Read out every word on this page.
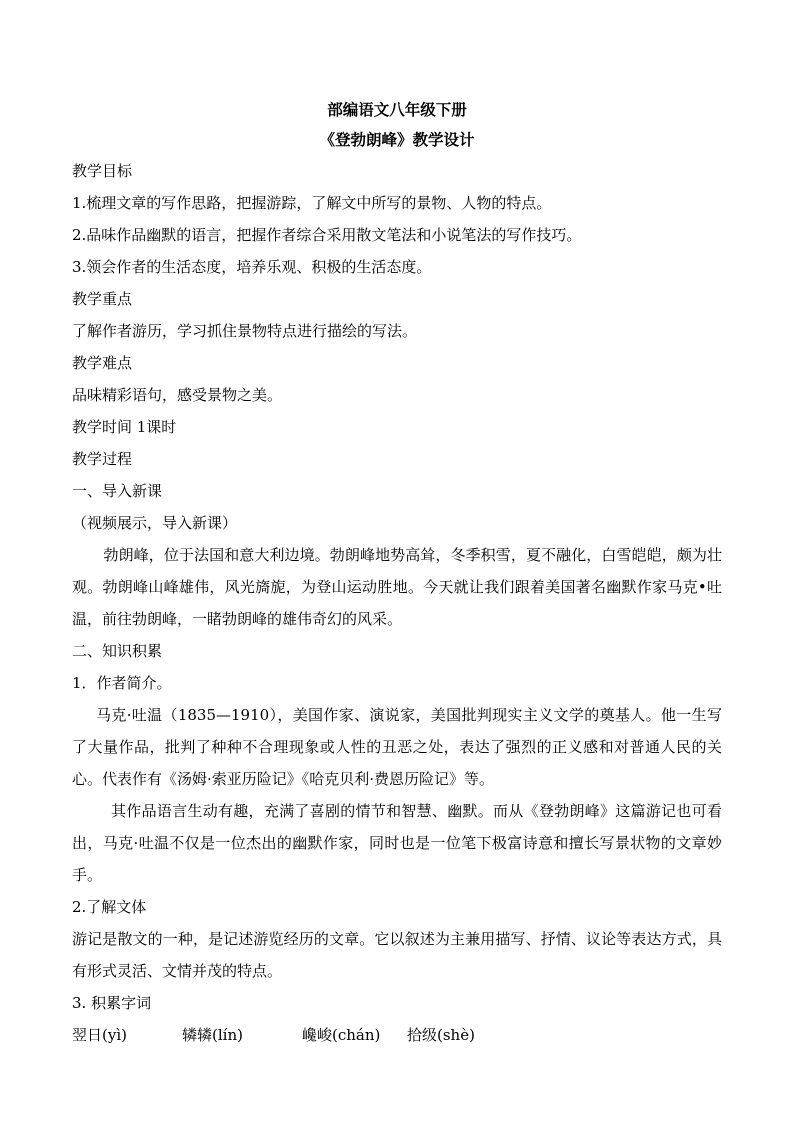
部编语文八年级下册

《登勃朗峰》教学设计

教学目标

1.梳理文章的写作思路，把握游踪，了解文中所写的景物、人物的特点。

2.品味作品幽默的语言，把握作者综合采用散文笔法和小说笔法的写作技巧。

3.领会作者的生活态度，培养乐观、积极的生活态度。

教学重点

了解作者游历，学习抓住景物特点进行描绘的写法。

教学难点

品味精彩语句，感受景物之美。

教学时间 1课时

教学过程

一、导入新课

（视频展示，导入新课）

勃朗峰，位于法国和意大利边境。勃朗峰地势高耸，冬季积雪，夏不融化，白雪皑皑，颇为壮观。勃朗峰山峰雄伟，风光旖旎，为登山运动胜地。今天就让我们跟着美国著名幽默作家马克•吐温，前往勃朗峰，一睹勃朗峰的雄伟奇幻的风采。

二、知识积累

1．作者简介。

马克·吐温（1835—1910），美国作家、演说家，美国批判现实主义文学的奠基人。他一生写了大量作品，批判了种种不合理现象或人性的丑恶之处，表达了强烈的正义感和对普通人民的关心。代表作有《汤姆·索亚历险记》《哈克贝利·费恩历险记》等。

其作品语言生动有趣，充满了喜剧的情节和智慧、幽默。而从《登勃朗峰》这篇游记也可看出，马克·吐温不仅是一位杰出的幽默作家，同时也是一位笔下极富诗意和擅长写景状物的文章妙手。

2.了解文体

游记是散文的一种，是记述游览经历的文章。它以叙述为主兼用描写、抒情、议论等表达方式，具有形式灵活、文情并茂的特点。

3. 积累字词

翌日(yì)	辚辚(lín)	巉峻(chán)	拾级(shè)
